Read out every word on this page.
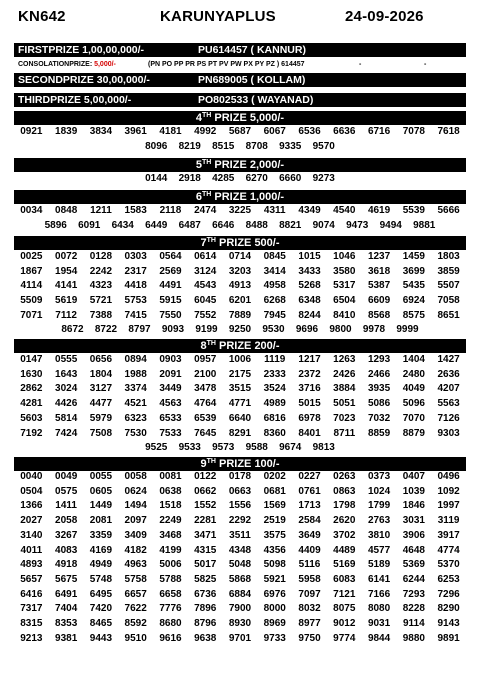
KN642	KARUNYAPLUS	24-09-2026
FIRSTPRIZE 1,00,00,000/-	PU614457 ( KANNUR)
CONSOLATIONPRIZE: 5,000/-	(PN PO PP PR PS PT PV PW PX PY PZ ) 614457	-	-
SECONDPRIZE 30,00,000/-	PN689005 ( KOLLAM)
THIRDPRIZE 5,00,000/-	PO802533 ( WAYANAD)
4TH PRIZE 5,000/-
0921	1839	3834	3961	4181	4992	5687	6067	6536	6636	6716	7078	7618
8096 8219 8515 8708 9335 9570
5TH PRIZE 2,000/-
0144 2918 4285 6270 6660 9273
6TH PRIZE 1,000/-
0034	0848	1211	1583	2118	2474	3225	4311	4349	4540	4619	5539	5666
5896 6091 6434 6449 6487 6646 8488 8821 9074 9473 9494 9881
7TH PRIZE 500/-
0025	0072	0128	0303	0564	0614	0714	0845	1015	1046	1237	1459	1803
1867	1954	2242	2317	2569	3124	3203	3414	3433	3580	3618	3699	3859
4114	4141	4323	4418	4491	4543	4913	4958	5268	5317	5387	5435	5507
5509	5619	5721	5753	5915	6045	6201	6268	6348	6504	6609	6924	7058
7071	7112	7388	7415	7550	7552	7889	7945	8244	8410	8568	8575	8651
8672 8722 8797 9093 9199 9250 9530 9696 9800 9978 9999
8TH PRIZE 200/-
0147	0555	0656	0894	0903	0957	1006	1119	1217	1263	1293	1404	1427
1630	1643	1804	1988	2091	2100	2175	2333	2372	2426	2466	2480	2636
2862	3024	3127	3374	3449	3478	3515	3524	3716	3884	3935	4049	4207
4281	4426	4477	4521	4563	4764	4771	4989	5015	5051	5086	5096	5563
5603	5814	5979	6323	6533	6539	6640	6816	6978	7023	7032	7070	7126
7192	7424	7508	7530	7533	7645	8291	8360	8401	8711	8859	8879	9303
9525 9533 9573 9588 9674 9813
9TH PRIZE 100/-
0040	0049	0055	0058	0081	0122	0178	0202	0227	0263	0373	0407	0496
0504	0575	0605	0624	0638	0662	0663	0681	0761	0863	1024	1039	1092
1366	1411	1449	1494	1518	1552	1556	1569	1713	1798	1799	1846	1997
2027	2058	2081	2097	2249	2281	2292	2519	2584	2620	2763	3031	3119
3140	3267	3359	3409	3468	3471	3511	3575	3649	3702	3810	3906	3917
4011	4083	4169	4182	4199	4315	4348	4356	4409	4489	4577	4648	4774
4893	4918	4949	4963	5006	5017	5048	5098	5116	5169	5189	5369	5370
5657	5675	5748	5758	5788	5825	5868	5921	5958	6083	6141	6244	6253
6416	6491	6495	6657	6658	6736	6884	6976	7097	7121	7166	7293	7296
7317	7404	7420	7622	7776	7896	7900	8000	8032	8075	8080	8228	8290
8315	8353	8465	8592	8680	8796	8930	8969	8977	9012	9031	9114	9143
9213	9381	9443	9510	9616	9638	9701	9733	9750	9774	9844	9880	9891
